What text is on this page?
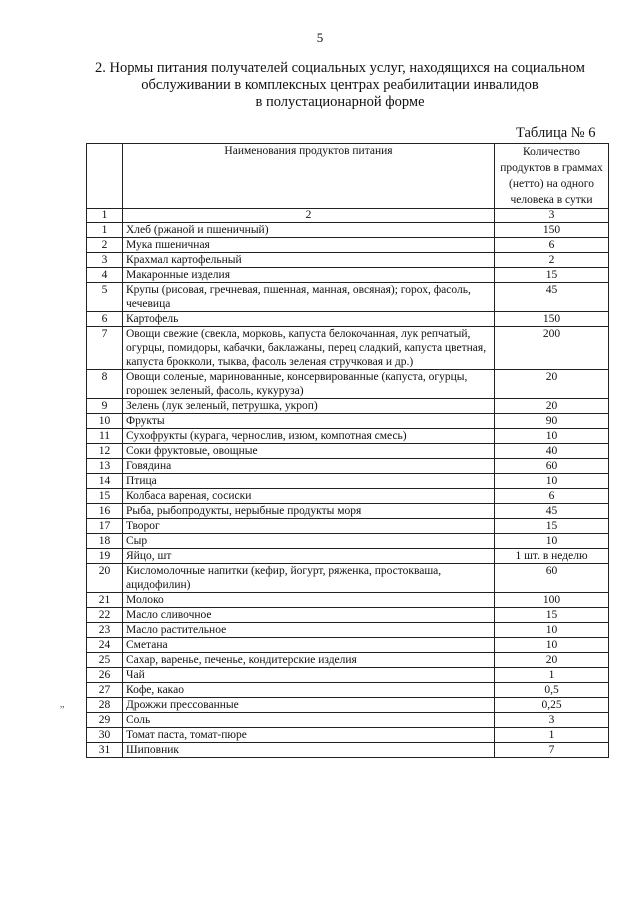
5
2. Нормы питания получателей социальных услуг, находящихся на социальном
обслуживании в комплексных центрах реабилитации инвалидов
в полустационарной форме
Таблица № 6
	Наименования продуктов питания	Количество продуктов в граммах (нетто) на одного человека в сутки
1	2	3
1	Хлеб (ржаной и пшеничный)	150
2	Мука пшеничная	6
3	Крахмал картофельный	2
4	Макаронные изделия	15
5	Крупы (рисовая, гречневая, пшенная, манная, овсяная); горох, фасоль, чечевица	45
6	Картофель	150
7	Овощи свежие (свекла, морковь, капуста белокочанная, лук репчатый, огурцы, помидоры, кабачки, баклажаны, перец сладкий, капуста цветная, капуста брокколи, тыква, фасоль зеленая стручковая и др.)	200
8	Овощи соленые, маринованные, консервированные (капуста, огурцы, горошек зеленый, фасоль, кукуруза)	20
9	Зелень (лук зеленый, петрушка, укроп)	20
10	Фрукты	90
11	Сухофрукты (курага, чернослив, изюм, компотная смесь)	10
12	Соки фруктовые, овощные	40
13	Говядина	60
14	Птица	10
15	Колбаса вареная, сосиски	6
16	Рыба, рыбопродукты, нерыбные продукты моря	45
17	Творог	15
18	Сыр	10
19	Яйцо, шт	1 шт. в неделю
20	Кисломолочные напитки (кефир, йогурт, ряженка, простокваша, ацидофилин)	60
21	Молоко	100
22	Масло сливочное	15
23	Масло растительное	10
24	Сметана	10
25	Сахар, варенье, печенье, кондитерские изделия	20
26	Чай	1
27	Кофе, какао	0,5
28	Дрожжи прессованные	0,25
29	Соль	3
30	Томат паста, томат-пюре	1
31	Шиповник	7
,,
